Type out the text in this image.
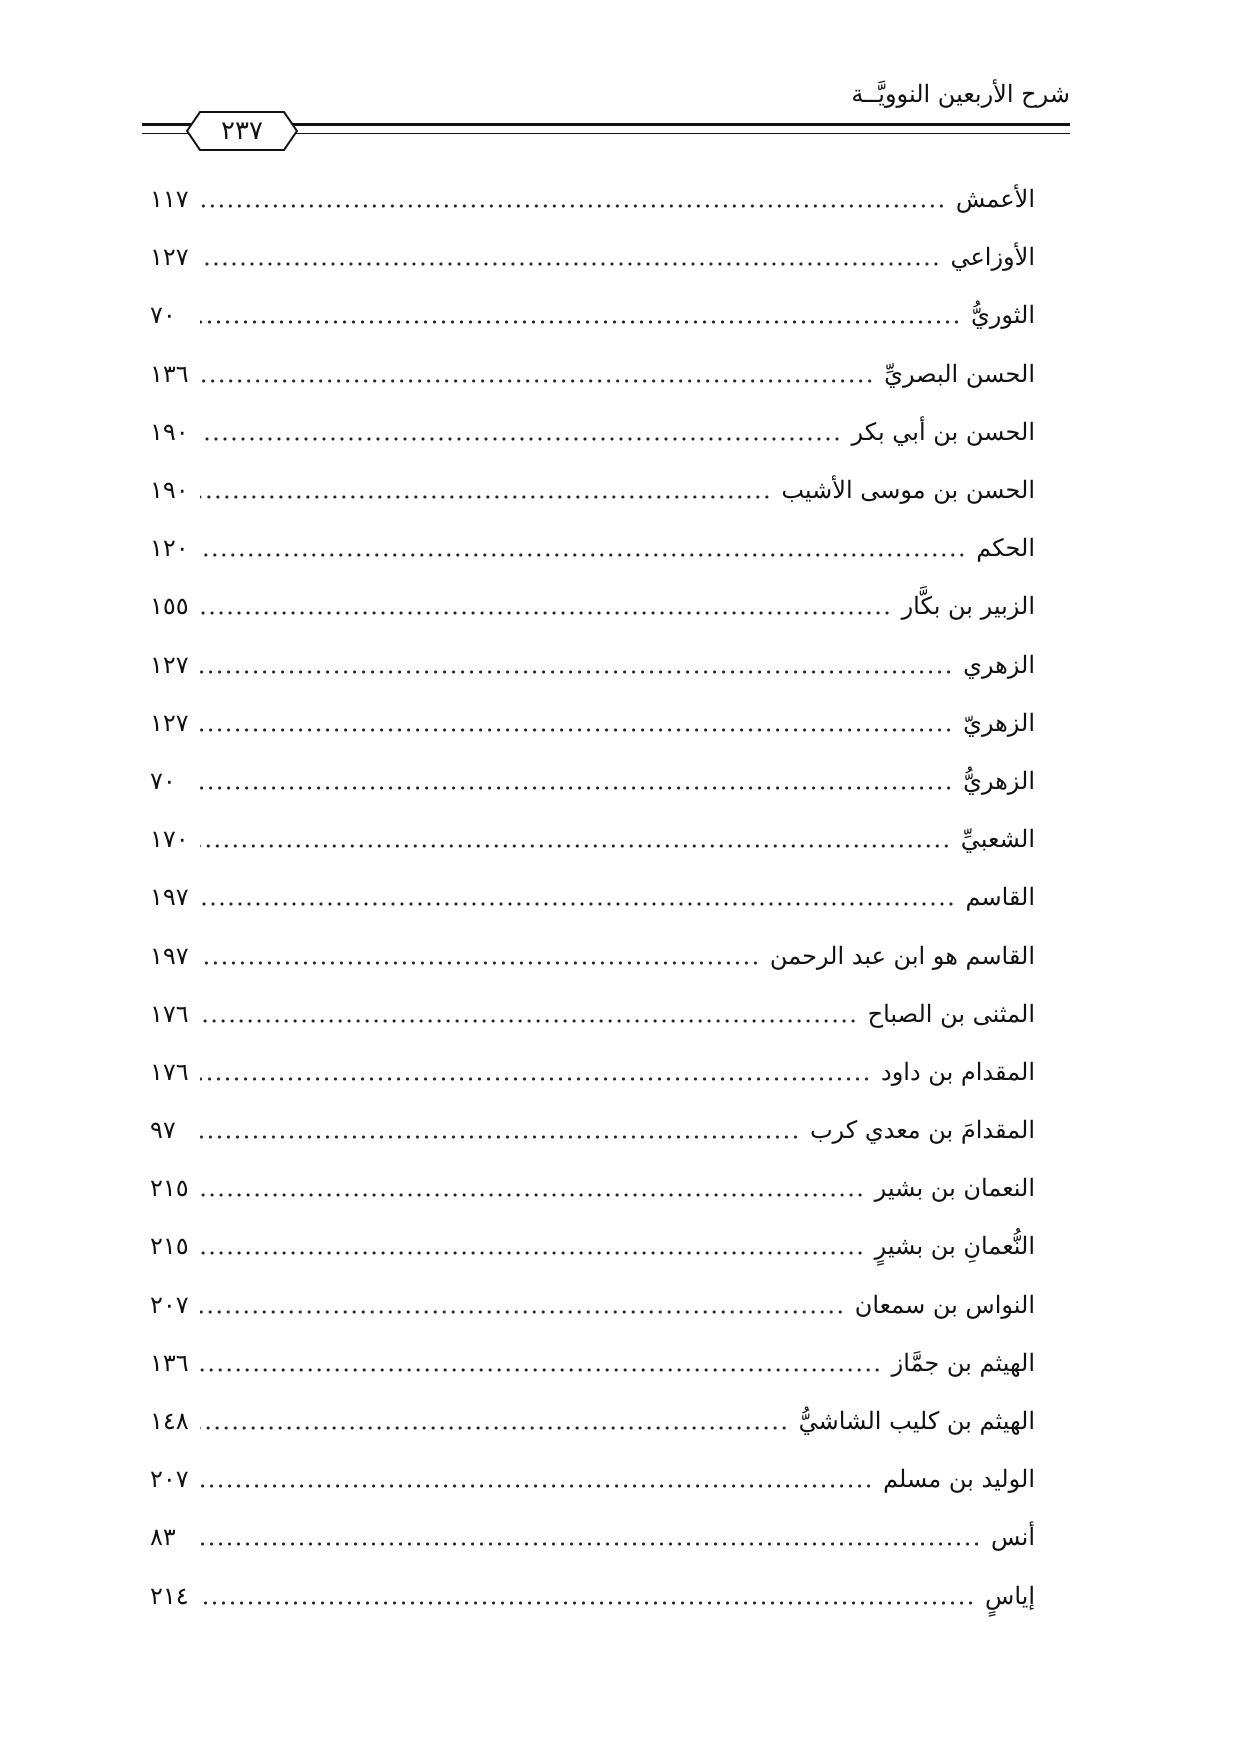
شرح الأربعين النوويَّــة
٢٣٧
الأعمش
١١٧
الأوزاعي
١٢٧
الثوريُّ
٧٠
الحسن البصريِّ
١٣٦
الحسن بن أبي بكر
١٩٠
الحسن بن موسى الأشيب
١٩٠
الحكم
١٢٠
الزبير بن بكَّار
١٥٥
الزهري
١٢٧
الزهريّ
١٢٧
الزهريُّ
٧٠
الشعبيِّ
١٧٠
القاسم
١٩٧
القاسم هو ابن عبد الرحمن
١٩٧
المثنى بن الصباح
١٧٦
المقدام بن داود
١٧٦
المقدامَ بن معدي كرب
٩٧
النعمان بن بشير
٢١٥
النُّعمانِ بن بشيرٍ
٢١٥
النواس بن سمعان
٢٠٧
الهيثم بن جمَّاز
١٣٦
الهيثم بن كليب الشاشيُّ
١٤٨
الوليد بن مسلم
٢٠٧
أنس
٨٣
إياسٍ
٢١٤
